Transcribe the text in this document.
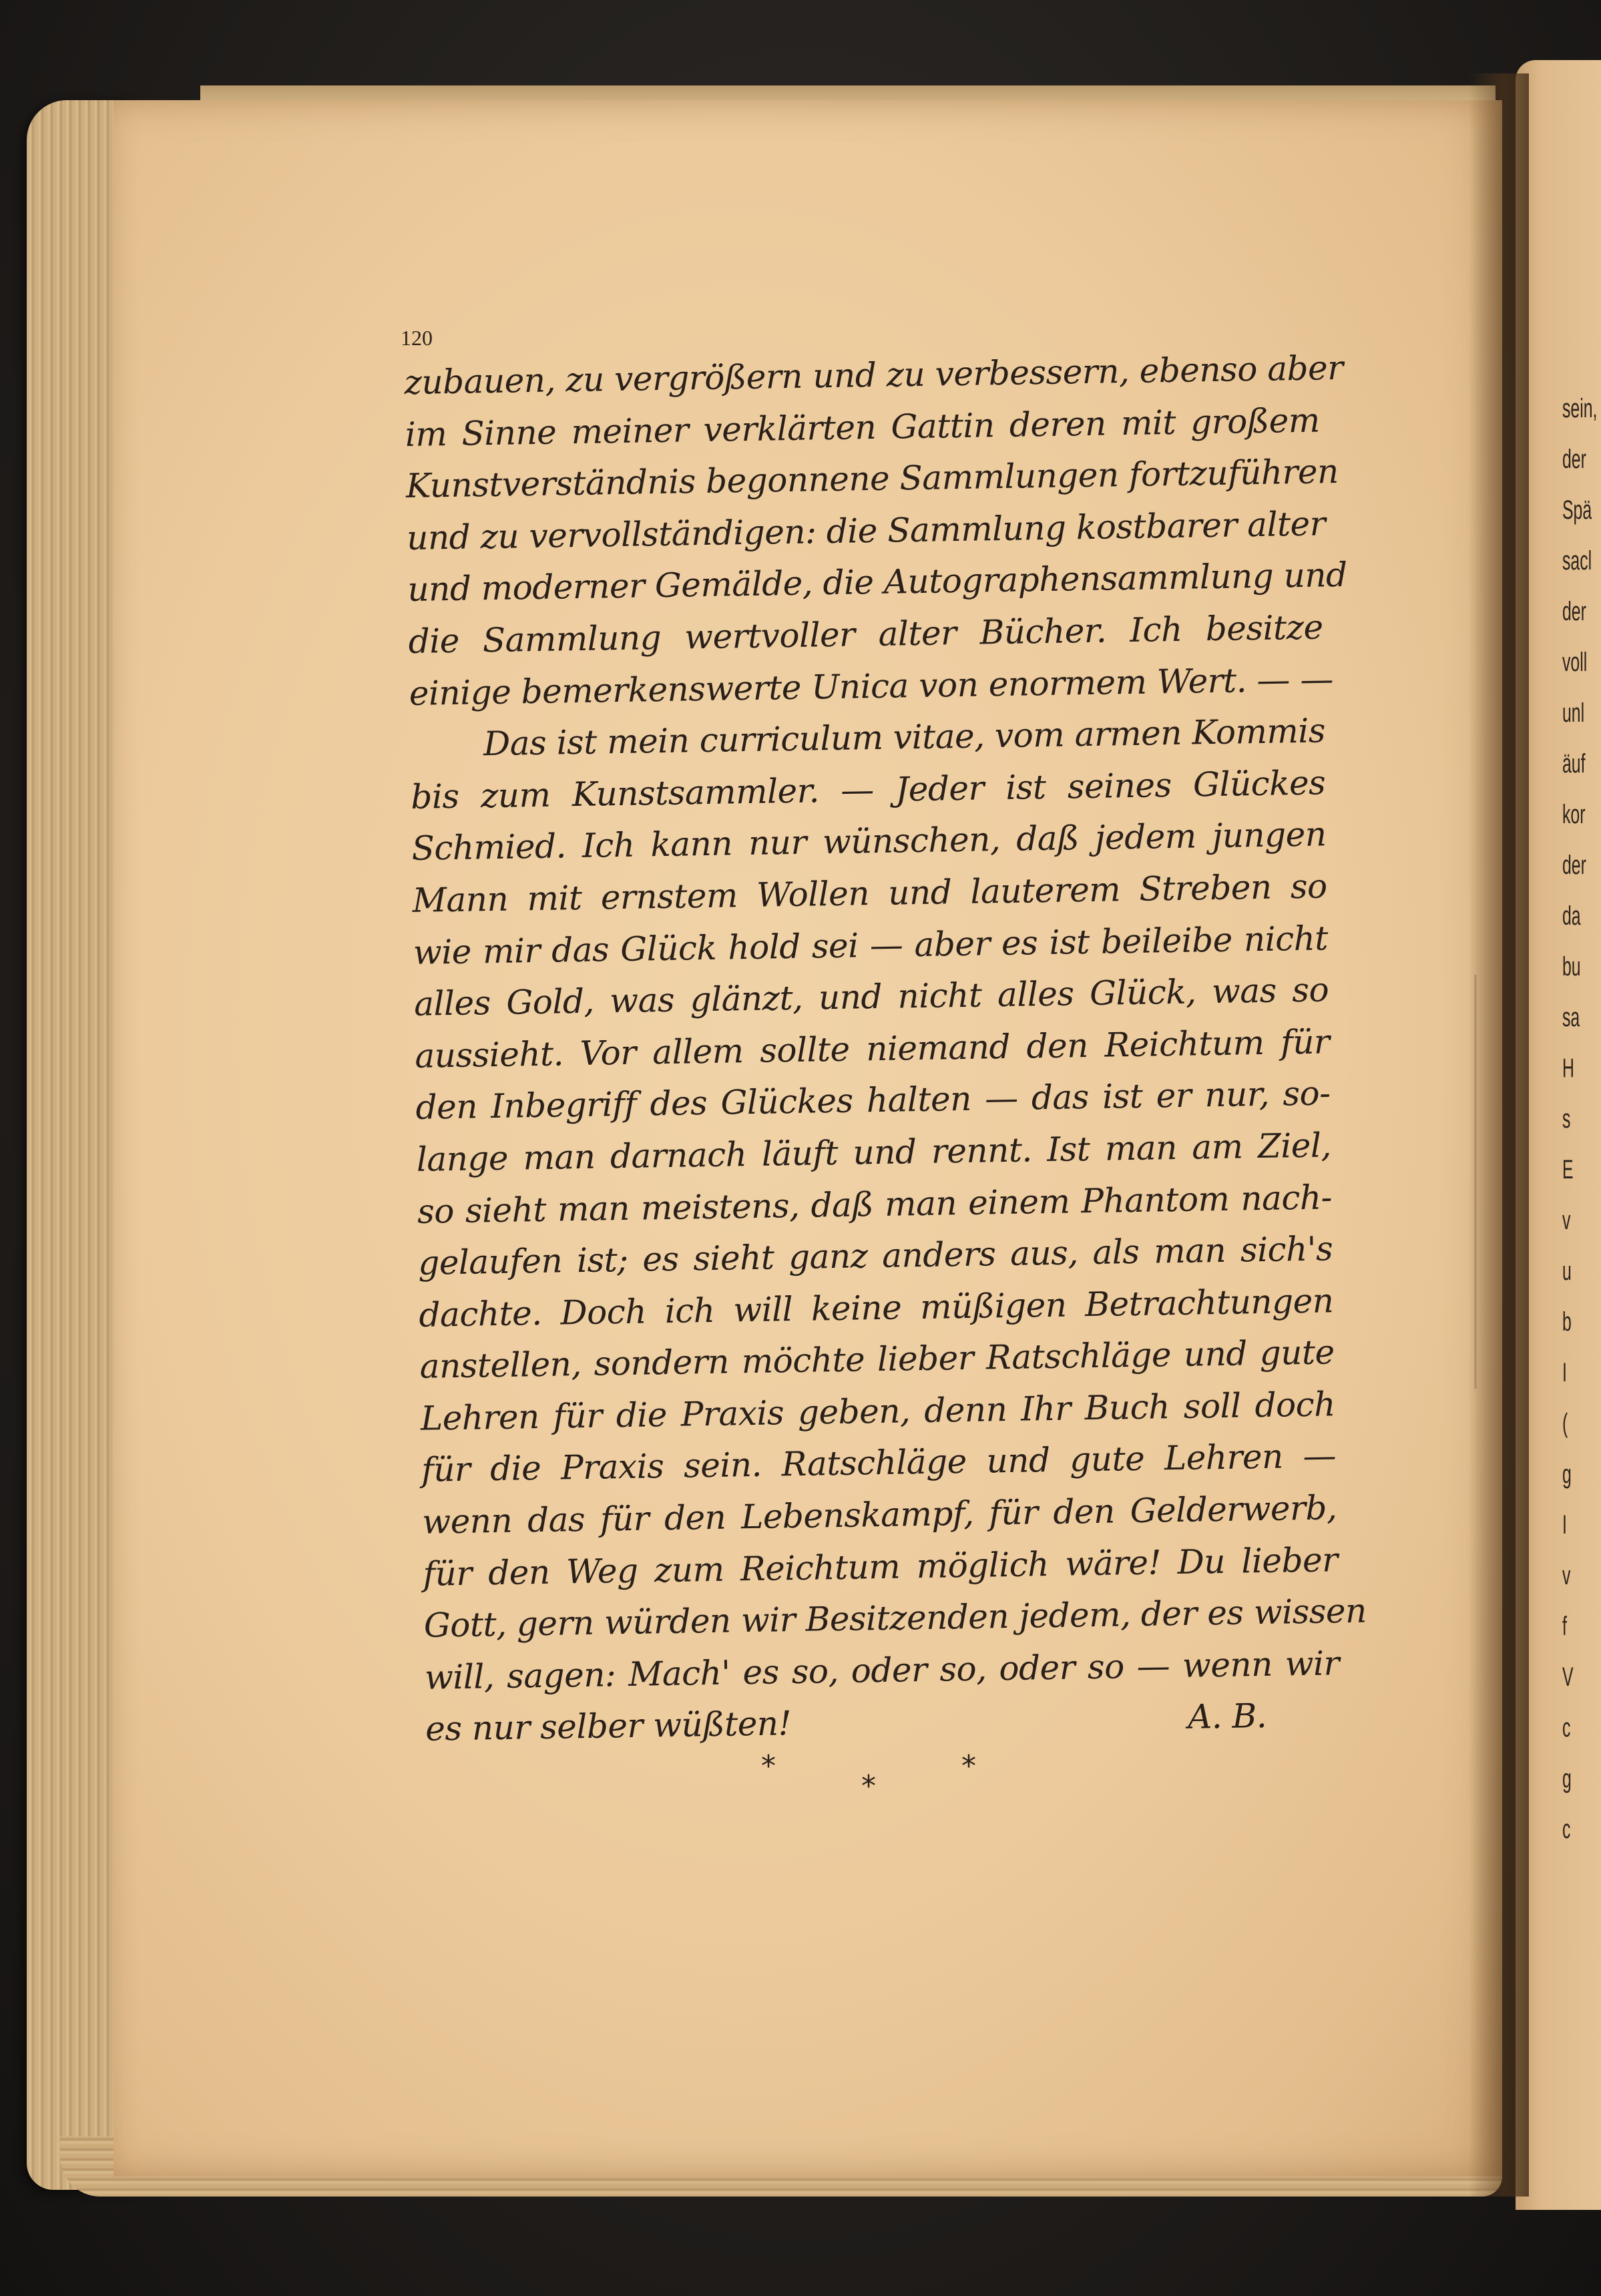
sein,
der
Spä
sacl
der
voll
unl
äuf
kor
der
da
bu
sa
H
s
E
v
u
b
I
(
g
I
v
f
V
c
g
c
120
zubauen, zu vergrößern und zu verbessern, ebenso aber
im Sinne meiner verklärten Gattin deren mit großem
Kunstverständnis begonnene Sammlungen fortzuführen
und zu vervollständigen: die Sammlung kostbarer alter
und moderner Gemälde, die Autographensammlung und
die Sammlung wertvoller alter Bücher. Ich besitze
einige bemerkenswerte Unica von enormem Wert. — —
Das ist mein curriculum vitae, vom armen Kommis
bis zum Kunstsammler. — Jeder ist seines Glückes
Schmied. Ich kann nur wünschen, daß jedem jungen
Mann mit ernstem Wollen und lauterem Streben so
wie mir das Glück hold sei — aber es ist beileibe nicht
alles Gold, was glänzt, und nicht alles Glück, was so
aussieht. Vor allem sollte niemand den Reichtum für
den Inbegriff des Glückes halten — das ist er nur, so-
lange man darnach läuft und rennt. Ist man am Ziel,
so sieht man meistens, daß man einem Phantom nach-
gelaufen ist; es sieht ganz anders aus, als man sich's
dachte. Doch ich will keine müßigen Betrachtungen
anstellen, sondern möchte lieber Ratschläge und gute
Lehren für die Praxis geben, denn Ihr Buch soll doch
für die Praxis sein. Ratschläge und gute Lehren —
wenn das für den Lebenskampf, für den Gelderwerb,
für den Weg zum Reichtum möglich wäre! Du lieber
Gott, gern würden wir Besitzenden jedem, der es wissen
will, sagen: Mach' es so, oder so, oder so — wenn wir
es nur selber wüßten!	A. B.
*
*
*
